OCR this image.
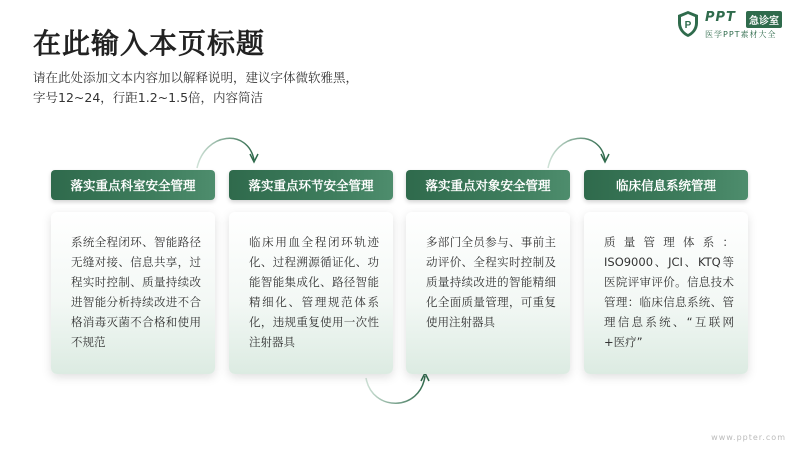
在此输入本页标题
请在此处添加文本内容加以解释说明，建议字体微软雅黑，
字号12~24，行距1.2~1.5倍，内容简洁
P
PPT	急诊室
医学PPT素材大全
落实重点科室安全管理	落实重点环节安全管理	落实重点对象安全管理	临床信息系统管理

系统全程闭环、智能路径无缝对接、信息共享，过程实时控制、质量持续改进智能分析持续改进不合格消毒灭菌不合格和使用不规范

临床用血全程闭环轨迹化、过程溯源循证化、功能智能集成化、路径智能精细化、管理规范体系化，违规重复使用一次性注射器具

多部门全员参与、事前主动评价、全程实时控制及质量持续改进的智能精细化全面质量管理，可重复使用注射器具

质量管理体系：ISO9000、JCI、KTQ等医院评审评价。信息技术管理：临床信息系统、管理信息系统、“互联网+医疗”

www.ppter.com
